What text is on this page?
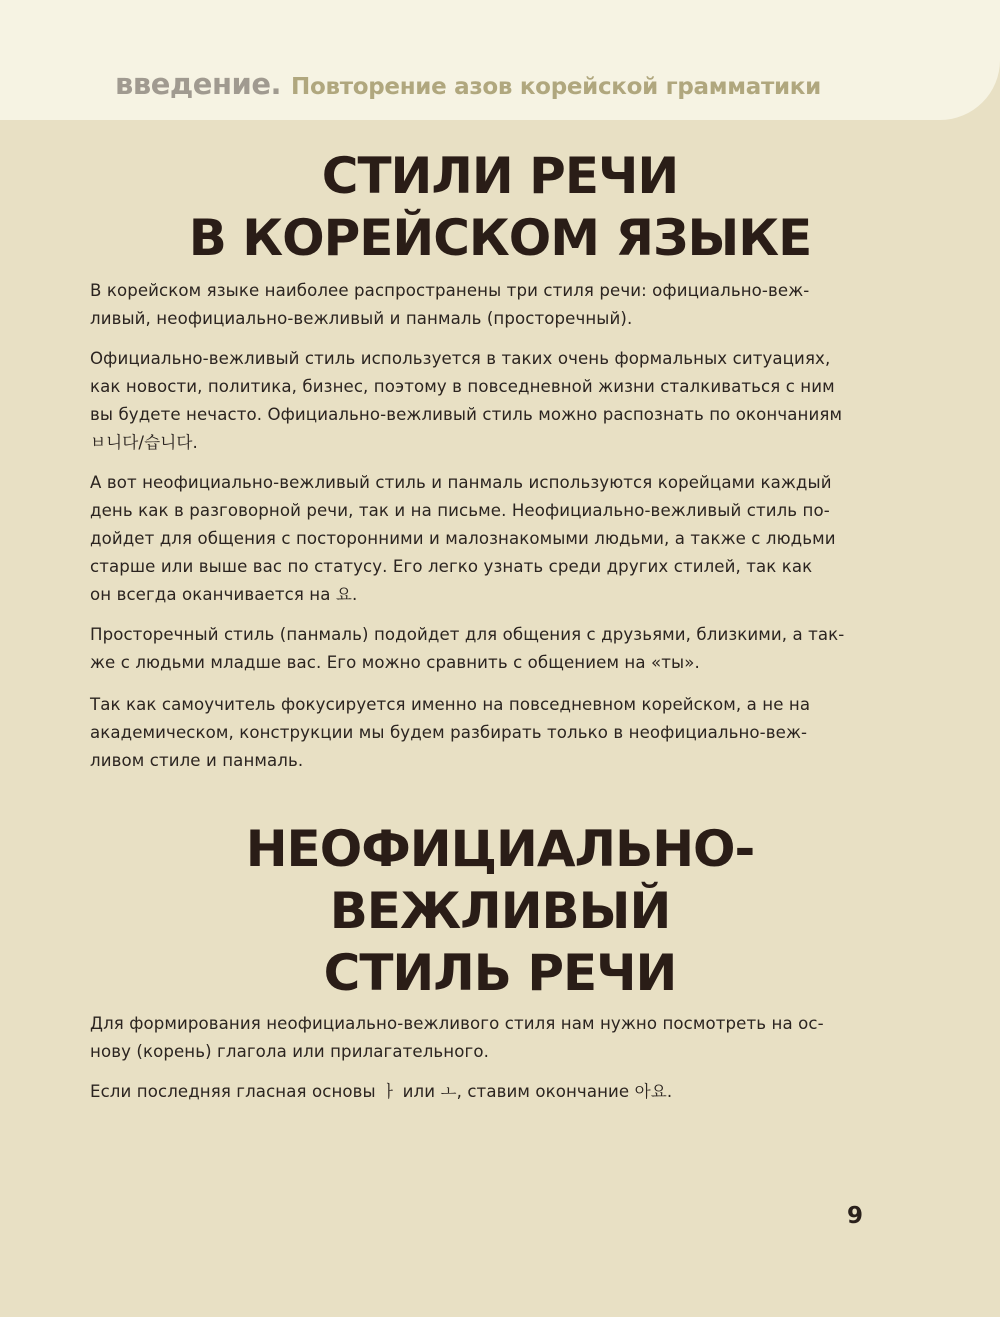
введение. Повторение азов корейской грамматики
СТИЛИ РЕЧИ
В КОРЕЙСКОМ ЯЗЫКЕ

В корейском языке наиболее распространены три стиля речи: официально-веж-
ливый, неофициально-вежливый и панмаль (просторечный).

Официально-вежливый стиль используется в таких очень формальных ситуациях,
как новости, политика, бизнес, поэтому в повседневной жизни сталкиваться с ним
вы будете нечасто. Официально-вежливый стиль можно распознать по окончаниям
ㅂ니다/습니다.

А вот неофициально-вежливый стиль и панмаль используются корейцами каждый
день как в разговорной речи, так и на письме. Неофициально-вежливый стиль по-
дойдет для общения с посторонними и малознакомыми людьми, а также с людьми
старше или выше вас по статусу. Его легко узнать среди других стилей, так как
он всегда оканчивается на 요.

Просторечный стиль (панмаль) подойдет для общения с друзьями, близкими, а так-
же с людьми младше вас. Его можно сравнить с общением на «ты».

Так как самоучитель фокусируется именно на повседневном корейском, а не на
академическом, конструкции мы будем разбирать только в неофициально-веж-
ливом стиле и панмаль.

НЕОФИЦИАЛЬНО-
ВЕЖЛИВЫЙ
СТИЛЬ РЕЧИ

Для формирования неофициально-вежливого стиля нам нужно посмотреть на ос-
нову (корень) глагола или прилагательного.

Если последняя гласная основы ㅏ или ㅗ, ставим окончание 아요.

9
